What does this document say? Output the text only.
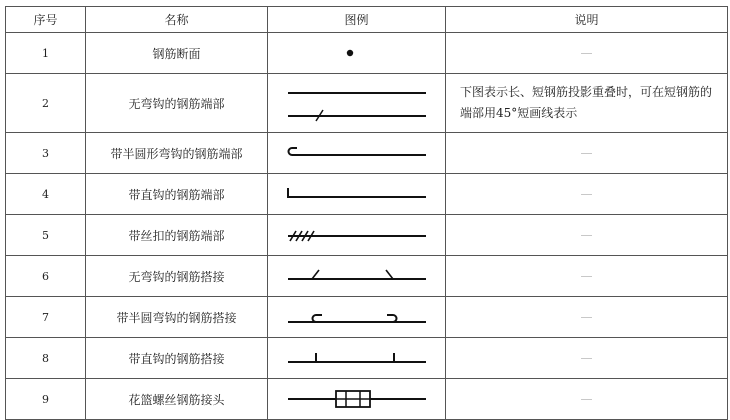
序号	名称	图例	说明
1	钢筋断面		—
2	无弯钩的钢筋端部		下图表示长、短钢筋投影重叠时，可在短钢筋的端部用45°短画线表示
3	带半圆形弯钩的钢筋端部		—
4	带直钩的钢筋端部		—
5	带丝扣的钢筋端部		—
6	无弯钩的钢筋搭接		—
7	带半圆弯钩的钢筋搭接		—
8	带直钩的钢筋搭接		—
9	花篮螺丝钢筋接头		—
